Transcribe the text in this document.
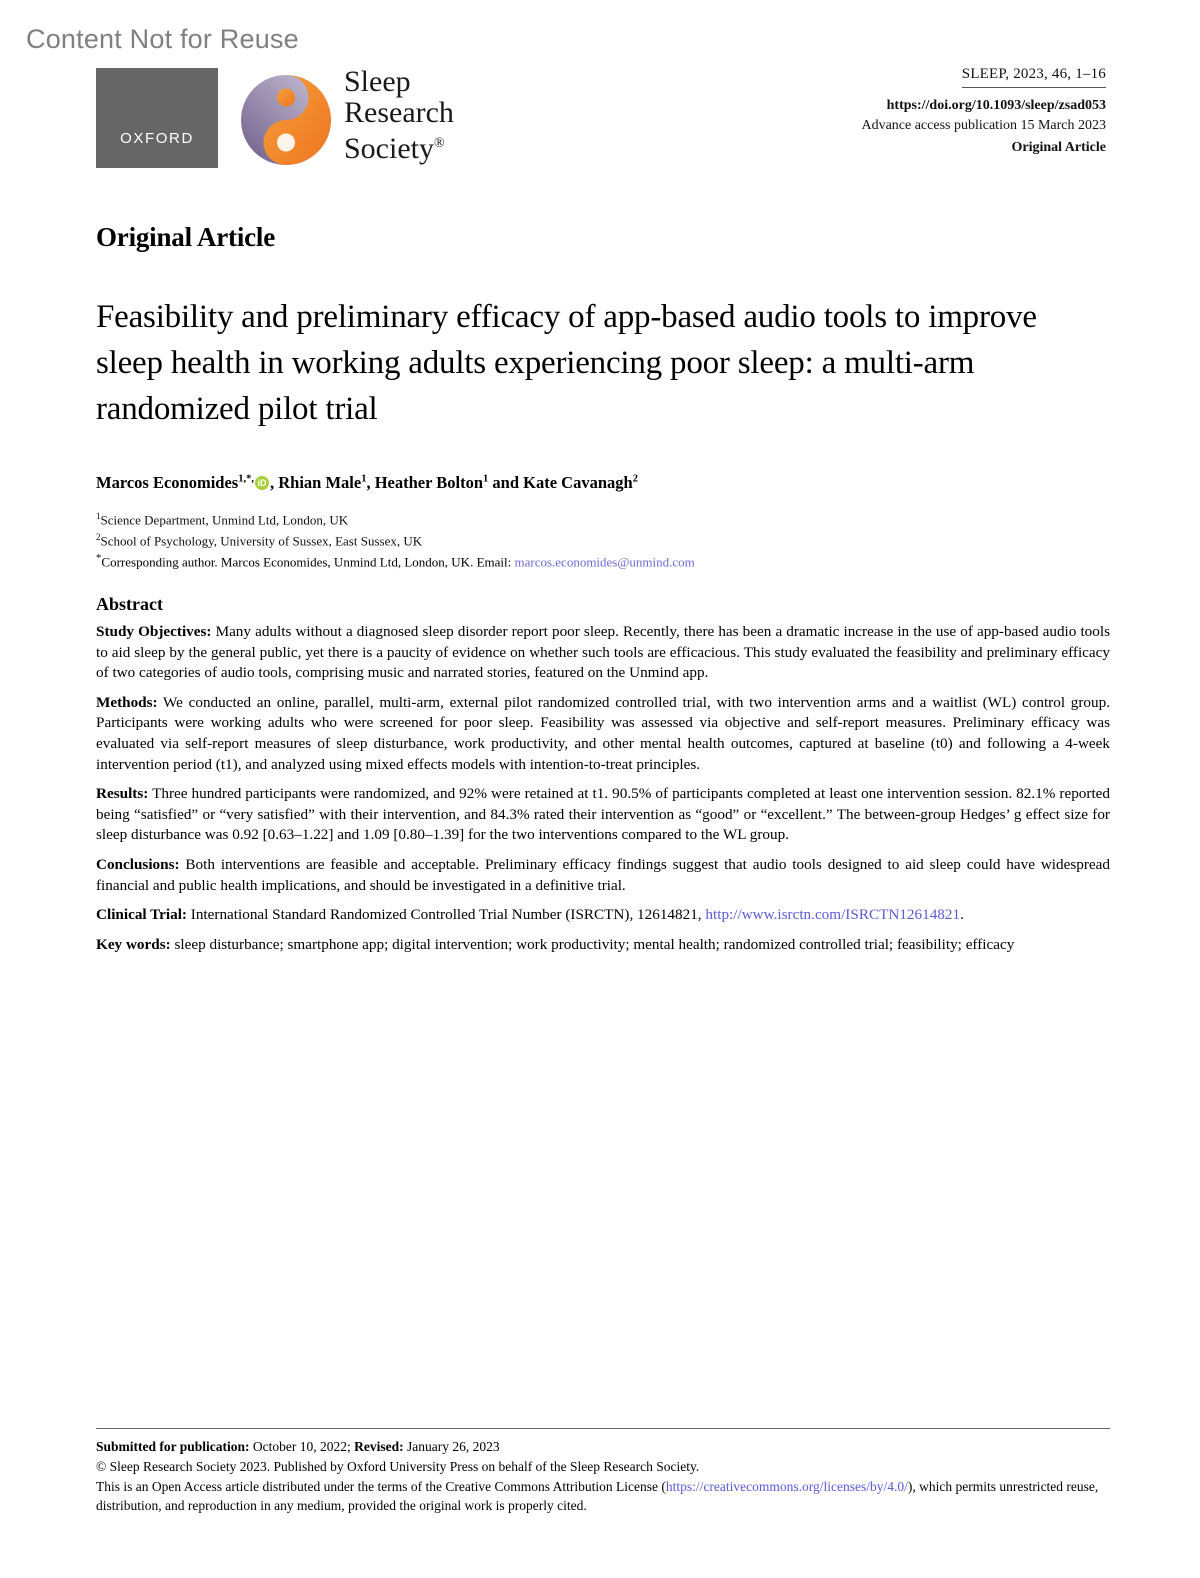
Content Not for Reuse
OXFORD
Sleep
Research
Society®
SLEEP, 2023, 46, 1–16
https://doi.org/10.1093/sleep/zsad053
Advance access publication 15 March 2023
Original Article
Original Article
Feasibility and preliminary efficacy of app-based audio tools to improve sleep health in working adults experiencing poor sleep: a multi-arm randomized pilot trial
Marcos Economides$^{1,*,}$ iD , Rhian Male$^1$, Heather Bolton$^1$ and Kate Cavanagh$^2$
$^1$Science Department, Unmind Ltd, London, UK
$^2$School of Psychology, University of Sussex, East Sussex, UK
*Corresponding author. Marcos Economides, Unmind Ltd, London, UK. Email: marcos.economides@unmind.com
Abstract

Study Objectives: Many adults without a diagnosed sleep disorder report poor sleep. Recently, there has been a dramatic increase in the use of app-based audio tools to aid sleep by the general public, yet there is a paucity of evidence on whether such tools are efficacious. This study evaluated the feasibility and preliminary efficacy of two categories of audio tools, comprising music and narrated stories, featured on the Unmind app.

Methods: We conducted an online, parallel, multi-arm, external pilot randomized controlled trial, with two intervention arms and a waitlist (WL) control group. Participants were working adults who were screened for poor sleep. Feasibility was assessed via objective and self-report measures. Preliminary efficacy was evaluated via self-report measures of sleep disturbance, work productivity, and other mental health outcomes, captured at baseline (t0) and following a 4-week intervention period (t1), and analyzed using mixed effects models with intention-to-treat principles.

Results: Three hundred participants were randomized, and 92% were retained at t1. 90.5% of participants completed at least one intervention session. 82.1% reported being “satisfied” or “very satisfied” with their intervention, and 84.3% rated their intervention as “good” or “excellent.” The between-group Hedges’ g effect size for sleep disturbance was 0.92 [0.63–1.22] and 1.09 [0.80–1.39] for the two interventions compared to the WL group.

Conclusions: Both interventions are feasible and acceptable. Preliminary efficacy findings suggest that audio tools designed to aid sleep could have widespread financial and public health implications, and should be investigated in a definitive trial.

Clinical Trial: International Standard Randomized Controlled Trial Number (ISRCTN), 12614821, http://www.isrctn.com/ISRCTN12614821.

Key words: sleep disturbance; smartphone app; digital intervention; work productivity; mental health; randomized controlled trial; feasibility; efficacy

Submitted for publication: October 10, 2022; Revised: January 26, 2023
© Sleep Research Society 2023. Published by Oxford University Press on behalf of the Sleep Research Society.
This is an Open Access article distributed under the terms of the Creative Commons Attribution License (https://creativecommons.org/licenses/by/4.0/), which permits unrestricted reuse, distribution, and reproduction in any medium, provided the original work is properly cited.
